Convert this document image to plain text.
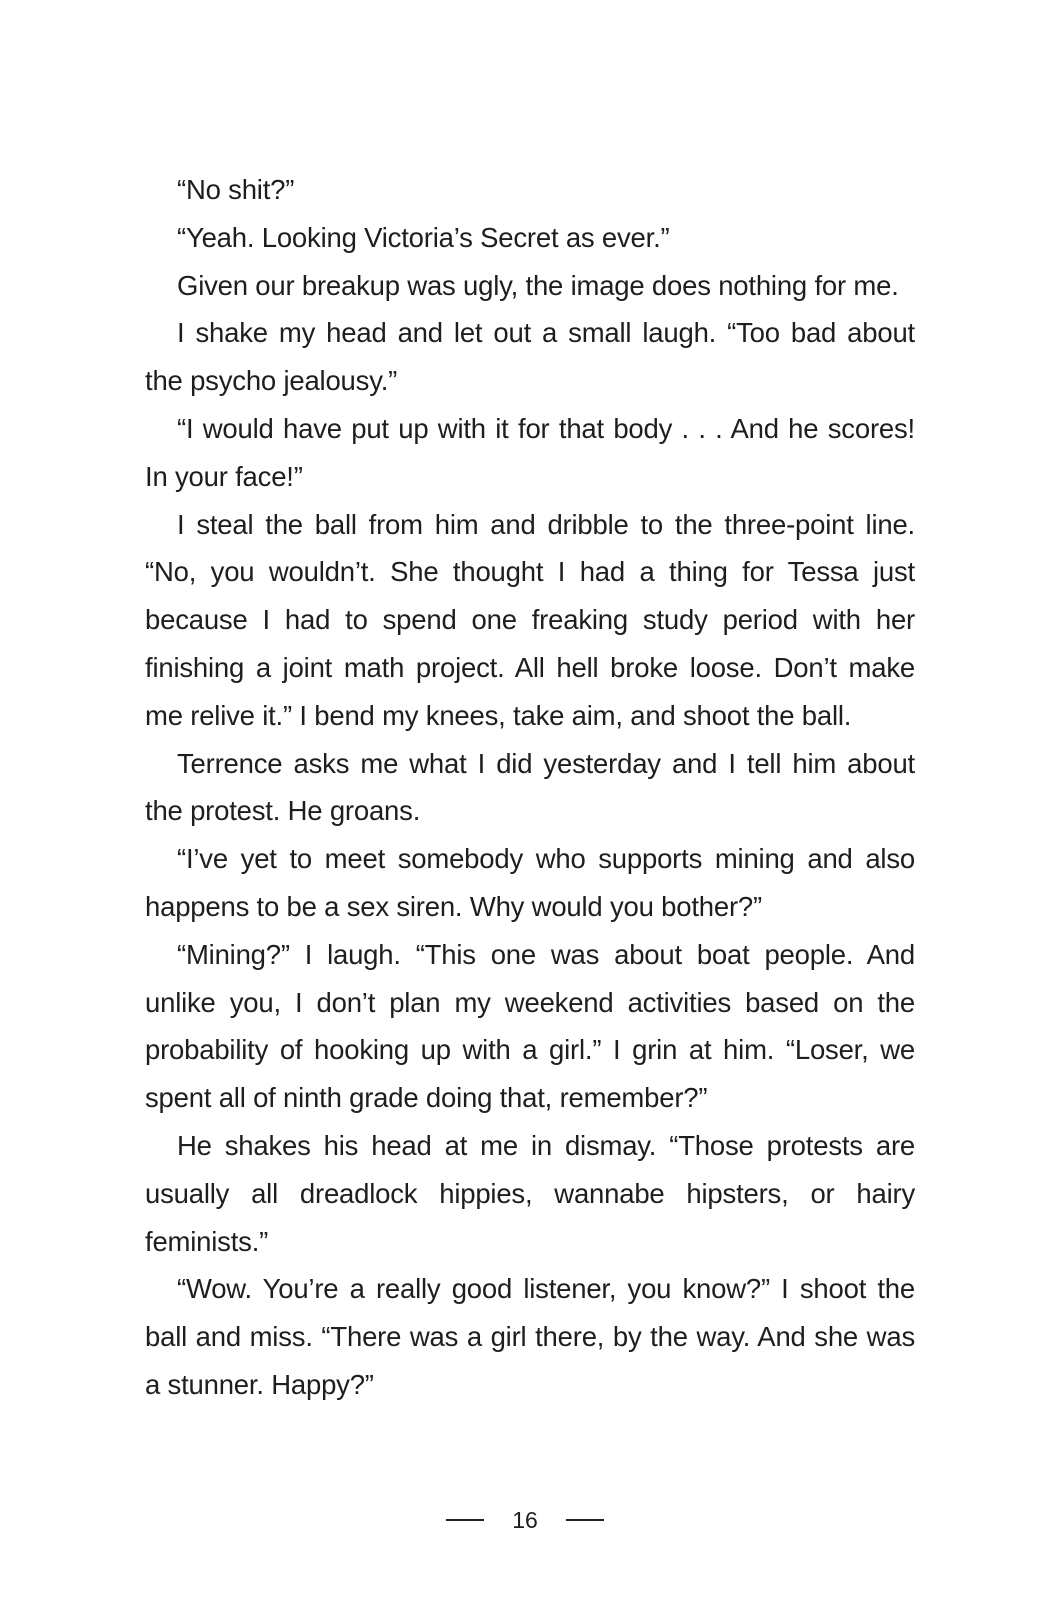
“No shit?”

“Yeah. Looking Victoria’s Secret as ever.”

Given our breakup was ugly, the image does nothing for me.

I shake my head and let out a small laugh. “Too bad about the psycho jealousy.”

“I would have put up with it for that body . . . And he scores! In your face!”

I steal the ball from him and dribble to the three-point line. “No, you wouldn’t. She thought I had a thing for Tessa just because I had to spend one freaking study period with her finishing a joint math project. All hell broke loose. Don’t make me relive it.” I bend my knees, take aim, and shoot the ball.

Terrence asks me what I did yesterday and I tell him about the protest. He groans.

“I’ve yet to meet somebody who supports mining and also happens to be a sex siren. Why would you bother?”

“Mining?” I laugh. “This one was about boat people. And unlike you, I don’t plan my weekend activities based on the probability of hooking up with a girl.” I grin at him. “Loser, we spent all of ninth grade doing that, remember?”

He shakes his head at me in dismay. “Those protests are usually all dreadlock hippies, wannabe hipsters, or hairy feminists.”

“Wow. You’re a really good listener, you know?” I shoot the ball and miss. “There was a girl there, by the way. And she was a stunner. Happy?”

16
